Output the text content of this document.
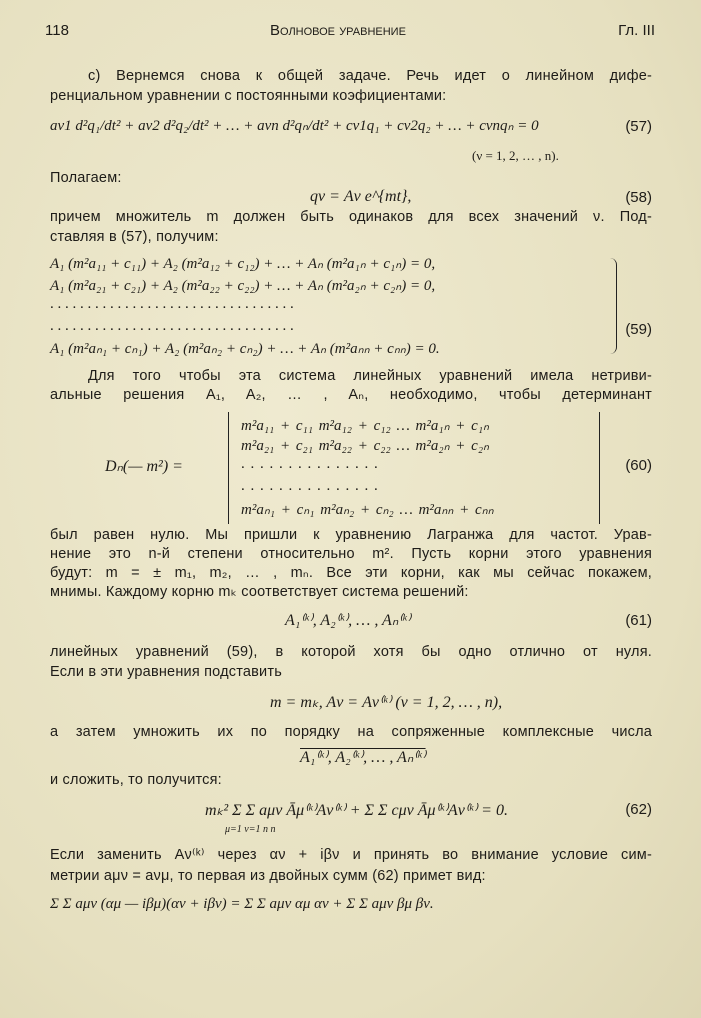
118	Волновое уравнение	Гл. III
с) Вернемся снова к общей задаче. Речь идет о линейном дифе-
ренциальном уравнении с постоянными коэфициентами:
aν1 d²q₁/dt² + aν2 d²q₂/dt² + … + aνn d²qₙ/dt² + cν1q₁ + cν2q₂ + … + cνnqₙ = 0	(57)
(ν = 1, 2, … , n).
Полагаем:
qν = Aν e^{mt},	(58)
причем множитель m должен быть одинаков для всех значений ν. Под-
ставляя в (57), получим:
A₁ (m²a₁₁ + c₁₁) + A₂ (m²a₁₂ + c₁₂) + … + Aₙ (m²a₁ₙ + c₁ₙ) = 0,
A₁ (m²a₂₁ + c₂₁) + A₂ (m²a₂₂ + c₂₂) + … + Aₙ (m²a₂ₙ + c₂ₙ) = 0,
. . . . . . . . . . . . . . . . . . . . . . . . . . . . . . . . .
. . . . . . . . . . . . . . . . . . . . . . . . . . . . . . . . .
A₁ (m²aₙ₁ + cₙ₁) + A₂ (m²aₙ₂ + cₙ₂) + … + Aₙ (m²aₙₙ + cₙₙ) = 0.
(59)
Для того чтобы эта система линейных уравнений имела нетриви-
альные решения A₁, A₂, … , Aₙ, необходимо, чтобы детерминант
Dₙ(— m²) =
m²a₁₁ + c₁₁ m²a₁₂ + c₁₂ … m²a₁ₙ + c₁ₙ
m²a₂₁ + c₂₁ m²a₂₂ + c₂₂ … m²a₂ₙ + c₂ₙ
. . . . . . . . . . . . . . .
. . . . . . . . . . . . . . .
m²aₙ₁ + cₙ₁ m²aₙ₂ + cₙ₂ … m²aₙₙ + cₙₙ
(60)
был равен нулю. Мы пришли к уравнению Лагранжа для частот. Урав-
нение это n-й степени относительно m². Пусть корни этого уравнения
будут: m = ± m₁, m₂, … , mₙ. Все эти корни, как мы сейчас покажем,
мнимы. Каждому корню mₖ соответствует система решений:
A₁⁽ᵏ⁾, A₂⁽ᵏ⁾, … , Aₙ⁽ᵏ⁾	(61)
линейных уравнений (59), в которой хотя бы одно отлично от нуля.
Если в эти уравнения подставить
m = mₖ, Aν = Aν⁽ᵏ⁾ (ν = 1, 2, … , n),
а затем умножить их по порядку на сопряженные комплексные числа
A₁⁽ᵏ⁾, A₂⁽ᵏ⁾, … , Aₙ⁽ᵏ⁾
и сложить, то получится:
mₖ² Σ Σ aμν Āμ⁽ᵏ⁾Aν⁽ᵏ⁾ + Σ Σ cμν Āμ⁽ᵏ⁾Aν⁽ᵏ⁾ = 0.
μ=1 ν=1 n n
(62)
Если заменить Aν⁽ᵏ⁾ через αν + iβν и принять во внимание условие сим-
метрии aμν = aνμ, то первая из двойных сумм (62) примет вид:
Σ Σ aμν (αμ — iβμ)(αν + iβν) = Σ Σ aμν αμ αν + Σ Σ aμν βμ βν.
